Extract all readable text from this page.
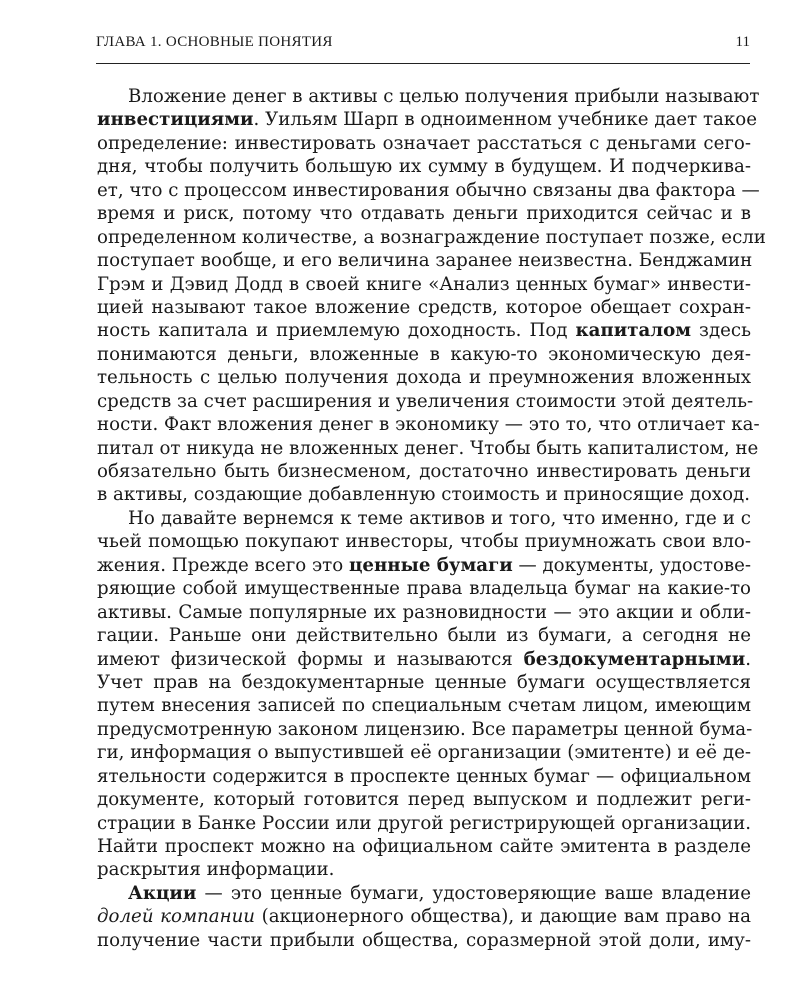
ГЛАВА 1. ОСНОВНЫЕ ПОНЯТИЯ	11
Вложение денег в активы с целью получения прибыли называют
инвестициями. Уильям Шарп в одноименном учебнике дает такое
определение: инвестировать означает расстаться с деньгами сего-
дня, чтобы получить большую их сумму в будущем. И подчеркива-
ет, что с процессом инвестирования обычно связаны два фактора —
время и риск, потому что отдавать деньги приходится сейчас и в
определенном количестве, а вознаграждение поступает позже, если
поступает вообще, и его величина заранее неизвестна. Бенджамин
Грэм и Дэвид Додд в своей книге «Анализ ценных бумаг» инвести-
цией называют такое вложение средств, которое обещает сохран-
ность капитала и приемлемую доходность. Под капиталом здесь
понимаются деньги, вложенные в какую-то экономическую дея-
тельность с целью получения дохода и преумножения вложенных
средств за счет расширения и увеличения стоимости этой деятель-
ности. Факт вложения денег в экономику — это то, что отличает ка-
питал от никуда не вложенных денег. Чтобы быть капиталистом, не
обязательно быть бизнесменом, достаточно инвестировать деньги
в активы, создающие добавленную стоимость и приносящие доход.
Но давайте вернемся к теме активов и того, что именно, где и с
чьей помощью покупают инвесторы, чтобы приумножать свои вло-
жения. Прежде всего это ценные бумаги — документы, удостове-
ряющие собой имущественные права владельца бумаг на какие-то
активы. Самые популярные их разновидности — это акции и обли-
гации. Раньше они действительно были из бумаги, а сегодня не
имеют физической формы и называются бездокументарными.
Учет прав на бездокументарные ценные бумаги осуществляется
путем внесения записей по специальным счетам лицом, имеющим
предусмотренную законом лицензию. Все параметры ценной бума-
ги, информация о выпустившей её организации (эмитенте) и её де-
ятельности содержится в проспекте ценных бумаг — официальном
документе, который готовится перед выпуском и подлежит реги-
страции в Банке России или другой регистрирующей организации.
Найти проспект можно на официальном сайте эмитента в разделе
раскрытия информации.
Акции — это ценные бумаги, удостоверяющие ваше владение
долей компании (акционерного общества), и дающие вам право на
получение части прибыли общества, соразмерной этой доли, иму-
